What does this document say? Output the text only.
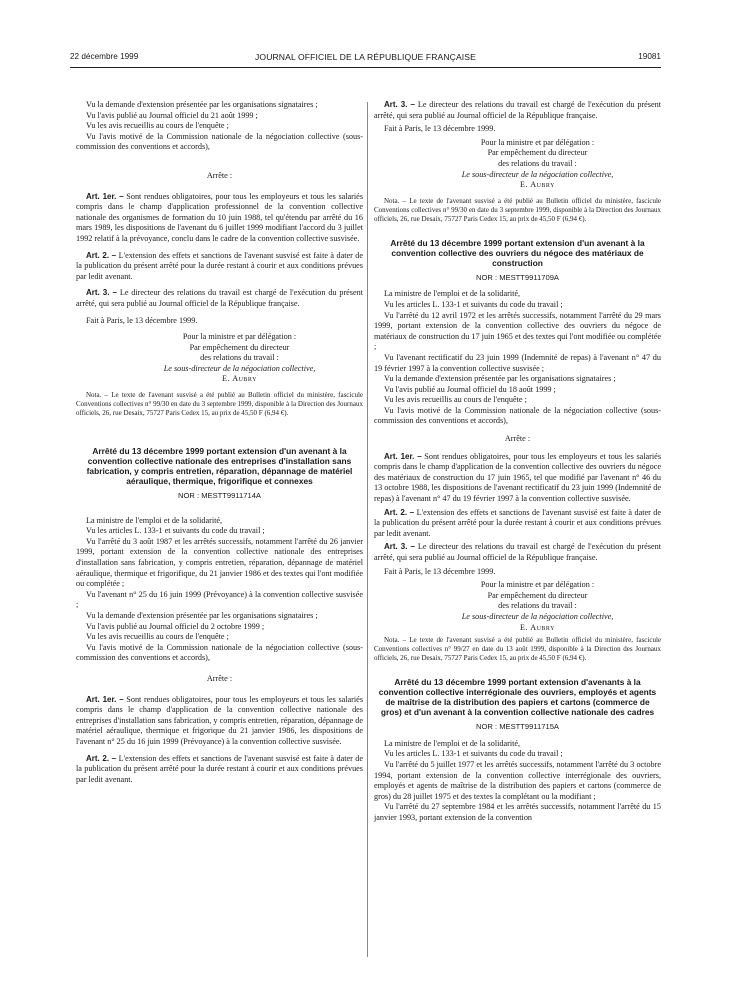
22 décembre 1999	JOURNAL OFFICIEL DE LA RÉPUBLIQUE FRANÇAISE	19081

Vu la demande d'extension présentée par les organisations signataires ;

Vu l'avis publié au Journal officiel du 21 août 1999 ;

Vu les avis recueillis au cours de l'enquête ;

Vu l'avis motivé de la Commission nationale de la négociation collective (sous-commission des conventions et accords),

Arrête :

Art. 1er. – Sont rendues obligatoires, pour tous les employeurs et tous les salariés compris dans le champ d'application professionnel de la convention collective nationale des organismes de formation du 10 juin 1988, tel qu'étendu par arrêté du 16 mars 1989, les dispositions de l'avenant du 6 juillet 1999 modifiant l'accord du 3 juillet 1992 relatif à la prévoyance, conclu dans le cadre de la convention collective susvisée.

Art. 2. – L'extension des effets et sanctions de l'avenant susvisé est faite à dater de la publication du présent arrêté pour la durée restant à courir et aux conditions prévues par ledit avenant.

Art. 3. – Le directeur des relations du travail est chargé de l'exécution du présent arrêté, qui sera publié au Journal officiel de la République française.

Fait à Paris, le 13 décembre 1999.

Pour la ministre et par délégation :

Par empêchement du directeur

des relations du travail :

Le sous-directeur de la négociation collective,

E. Aubry

Nota. – Le texte de l'avenant susvisé a été publié au Bulletin officiel du ministère, fascicule Conventions collectives n° 99/30 en date du 3 septembre 1999, disponible à la Direction des Journaux officiels, 26, rue Desaix, 75727 Paris Cedex 15, au prix de 45,50 F (6,94 €).

Arrêté du 13 décembre 1999 portant extension d'un avenant à la convention collective nationale des entreprises d'installation sans fabrication, y compris entretien, réparation, dépannage de matériel aéraulique, thermique, frigorifique et connexes

NOR : MESTT9911714A

La ministre de l'emploi et de la solidarité,

Vu les articles L. 133-1 et suivants du code du travail ;

Vu l'arrêté du 3 août 1987 et les arrêtés successifs, notamment l'arrêté du 26 janvier 1999, portant extension de la convention collective nationale des entreprises d'installation sans fabrication, y compris entretien, réparation, dépannage de matériel aéraulique, thermique et frigorifique, du 21 janvier 1986 et des textes qui l'ont modifiée ou complétée ;

Vu l'avenant n° 25 du 16 juin 1999 (Prévoyance) à la convention collective susvisée ;

Vu la demande d'extension présentée par les organisations signataires ;

Vu l'avis publié au Journal officiel du 2 octobre 1999 ;

Vu les avis recueillis au cours de l'enquête ;

Vu l'avis motivé de la Commission nationale de la négociation collective (sous-commission des conventions et accords),

Arrête :

Art. 1er. – Sont rendues obligatoires, pour tous les employeurs et tous les salariés compris dans le champ d'application de la convention collective nationale des entreprises d'installation sans fabrication, y compris entretien, réparation, dépannage de matériel aéraulique, thermique et frigorique du 21 janvier 1986, les dispositions de l'avenant n° 25 du 16 juin 1999 (Prévoyance) à la convention collective susvisée.

Art. 2. – L'extension des effets et sanctions de l'avenant susvisé est faite à dater de la publication du présent arrêté pour la durée restant à courir et aux conditions prévues par ledit avenant.

Art. 3. – Le directeur des relations du travail est chargé de l'exécution du présent arrêté, qui sera publié au Journal officiel de la République française.

Fait à Paris, le 13 décembre 1999.

Pour la ministre et par délégation :

Par empêchement du directeur

des relations du travail :

Le sous-directeur de la négociation collective,

E. Aubry

Nota. – Le texte de l'avenant susvisé a été publié au Bulletin officiel du ministère, fascicule Conventions collectives n° 99/30 en date du 3 septembre 1999, disponible à la Direction des Journaux officiels, 26, rue Desaix, 75727 Paris Cedex 15, au prix de 45,50 F (6,94 €).

Arrêté du 13 décembre 1999 portant extension d'un avenant à la convention collective des ouvriers du négoce des matériaux de construction

NOR : MESTT9911709A

La ministre de l'emploi et de la solidarité,

Vu les articles L. 133-1 et suivants du code du travail ;

Vu l'arrêté du 12 avril 1972 et les arrêtés successifs, notamment l'arrêté du 29 mars 1999, portant extension de la convention collective des ouvriers du négoce de matériaux de construction du 17 juin 1965 et des textes qui l'ont modifiée ou complétée ;

Vu l'avenant rectificatif du 23 juin 1999 (Indemnité de repas) à l'avenant n° 47 du 19 février 1997 à la convention collective susvisée ;

Vu la demande d'extension présentée par les organisations signataires ;

Vu l'avis publié au Journal officiel du 18 août 1999 ;

Vu les avis recueillis au cours de l'enquête ;

Vu l'avis motivé de la Commission nationale de la négociation collective (sous-commission des conventions et accords),

Arrête :

Art. 1er. – Sont rendues obligatoires, pour tous les employeurs et tous les salariés compris dans le champ d'application de la convention collective des ouvriers du négoce des matériaux de construction du 17 juin 1965, tel que modifié par l'avenant n° 46 du 13 octobre 1988, les dispositions de l'avenant rectificatif du 23 juin 1999 (Indemnité de repas) à l'avenant n° 47 du 19 février 1997 à la convention collective susvisée.

Art. 2. – L'extension des effets et sanctions de l'avenant susvisé est faite à dater de la publication du présent arrêté pour la durée restant à courir et aux conditions prévues par ledit avenant.

Art. 3. – Le directeur des relations du travail est chargé de l'exécution du présent arrêté, qui sera publié au Journal officiel de la République française.

Fait à Paris, le 13 décembre 1999.

Pour la ministre et par délégation :

Par empêchement du directeur

des relations du travail :

Le sous-directeur de la négociation collective,

E. Aubry

Nota. – Le texte de l'avenant susvisé a été publié au Bulletin officiel du ministère, fascicule Conventions collectives n° 99/27 en date du 13 août 1999, disponible à la Direction des Journaux officiels, 26, rue Desaix, 75727 Paris Cedex 15, au prix de 45,50 F (6,94 €).

Arrêté du 13 décembre 1999 portant extension d'avenants à la convention collective interrégionale des ouvriers, employés et agents de maîtrise de la distribution des papiers et cartons (commerce de gros) et d'un avenant à la convention collective nationale des cadres

NOR : MESTT9911715A

La ministre de l'emploi et de la solidarité,

Vu les articles L. 133-1 et suivants du code du travail ;

Vu l'arrêté du 5 juillet 1977 et les arrêtés successifs, notamment l'arrêté du 3 octobre 1994, portant extension de la convention collective interrégionale des ouvriers, employés et agents de maîtrise de la distribution des papiers et cartons (commerce de gros) du 28 juillet 1975 et des textes la complétant ou la modifiant ;

Vu l'arrêté du 27 septembre 1984 et les arrêtés successifs, notamment l'arrêté du 15 janvier 1993, portant extension de la convention
